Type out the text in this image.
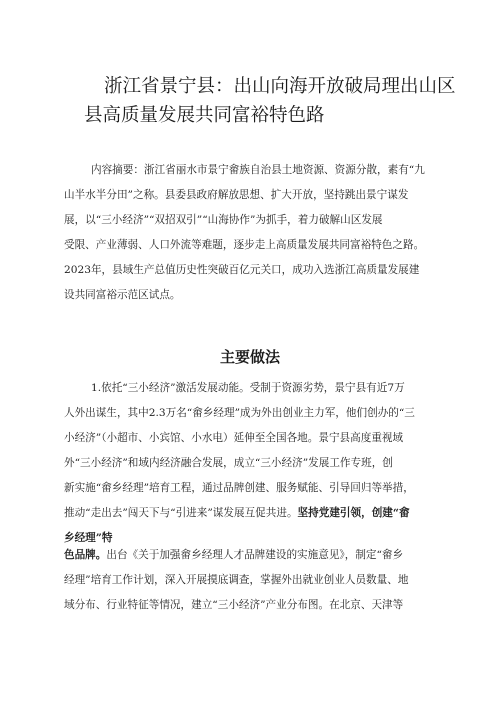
浙江省景宁县：出山向海开放破局理出山区
县高质量发展共同富裕特色路
内容摘要：浙江省丽水市景宁畲族自治县土地资源、资源分散，素有“九
山半水半分田”之称。县委县政府解放思想、扩大开放，坚持跳出景宁谋发
展，以“三小经济”“双招双引”“山海协作”为抓手，着力破解山区发展
受限、产业薄弱、人口外流等难题，逐步走上高质量发展共同富裕特色之路。
2023年，县域生产总值历史性突破百亿元关口，成功入选浙江高质量发展建
设共同富裕示范区试点。
主要做法
1.依托“三小经济”激活发展动能。受制于资源劣势，景宁县有近7万
人外出谋生，其中2.3万名“畲乡经理”成为外出创业主力军，他们创办的“三
小经济”（小超市、小宾馆、小水电）延伸至全国各地。景宁县高度重视域
外“三小经济”和域内经济融合发展，成立“三小经济”发展工作专班，创
新实施“畲乡经理”培育工程，通过品牌创建、服务赋能、引导回归等举措，
推动“走出去”闯天下与“引进来”谋发展互促共进。坚持党建引领，创建“畲
乡经理”特
色品牌。出台《关于加强畲乡经理人才品牌建设的实施意见》，制定“畲乡
经理”培育工作计划，深入开展摸底调查，掌握外出就业创业人员数量、地
域分布、行业特征等情况，建立“三小经济”产业分布图。在北京、天津等
